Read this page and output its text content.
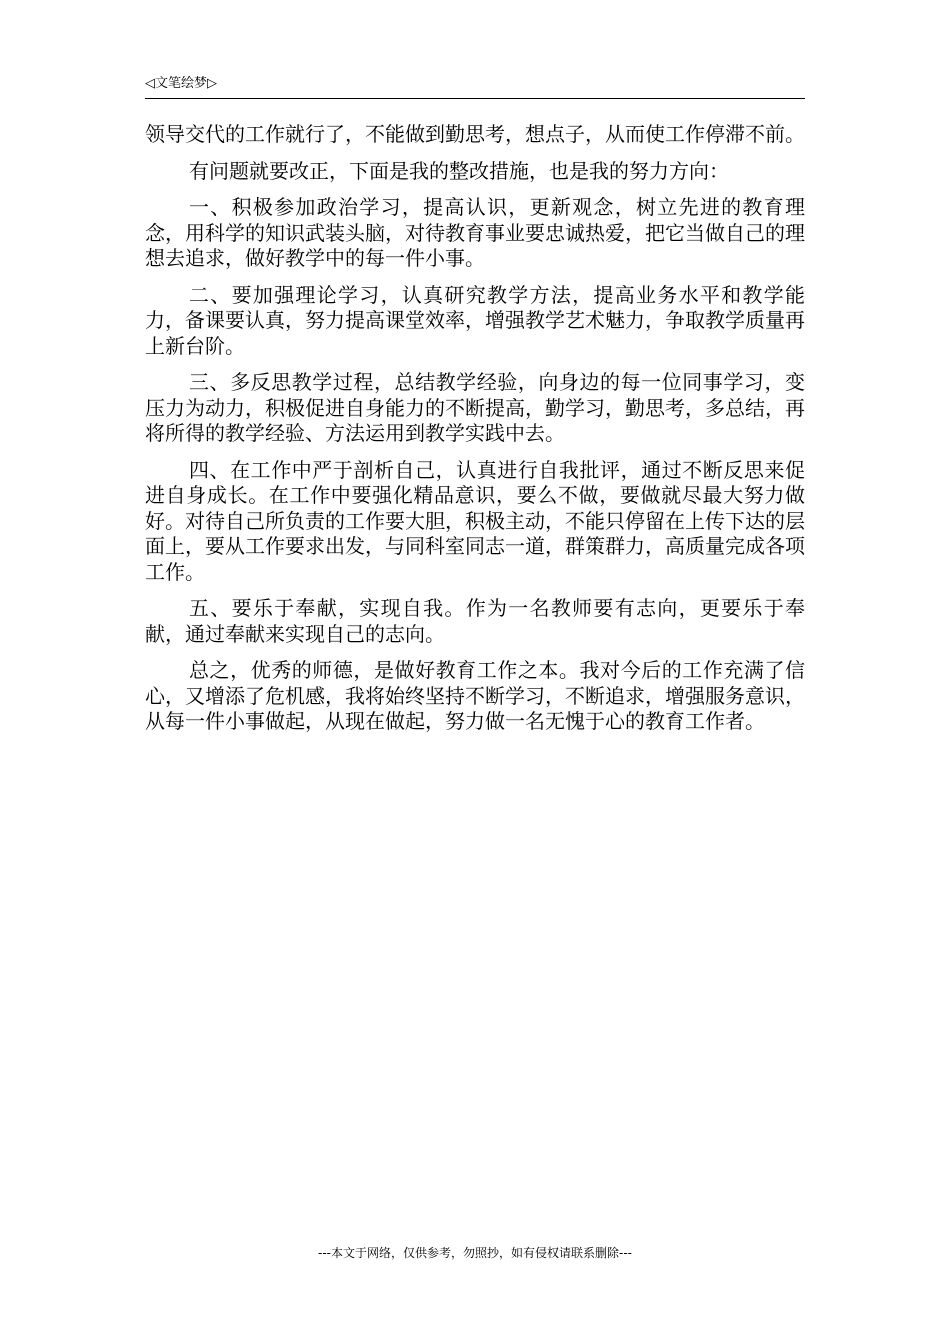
◁文笔绘梦▷

领导交代的工作就行了，不能做到勤思考，想点子，从而使工作停滞不前。

有问题就要改正，下面是我的整改措施，也是我的努力方向：

一、积极参加政治学习，提高认识，更新观念，树立先进的教育理念，用科学的知识武装头脑，对待教育事业要忠诚热爱，把它当做自己的理想去追求，做好教学中的每一件小事。

二、要加强理论学习，认真研究教学方法，提高业务水平和教学能力，备课要认真，努力提高课堂效率，增强教学艺术魅力，争取教学质量再上新台阶。

三、多反思教学过程，总结教学经验，向身边的每一位同事学习，变压力为动力，积极促进自身能力的不断提高，勤学习，勤思考，多总结，再将所得的教学经验、方法运用到教学实践中去。

四、在工作中严于剖析自己，认真进行自我批评，通过不断反思来促进自身成长。在工作中要强化精品意识，要么不做，要做就尽最大努力做好。对待自己所负责的工作要大胆，积极主动，不能只停留在上传下达的层面上，要从工作要求出发，与同科室同志一道，群策群力，高质量完成各项工作。

五、要乐于奉献，实现自我。作为一名教师要有志向，更要乐于奉献，通过奉献来实现自己的志向。

总之，优秀的师德，是做好教育工作之本。我对今后的工作充满了信心，又增添了危机感，我将始终坚持不断学习，不断追求，增强服务意识，从每一件小事做起，从现在做起，努力做一名无愧于心的教育工作者。

---本文于网络，仅供参考，勿照抄，如有侵权请联系删除---
